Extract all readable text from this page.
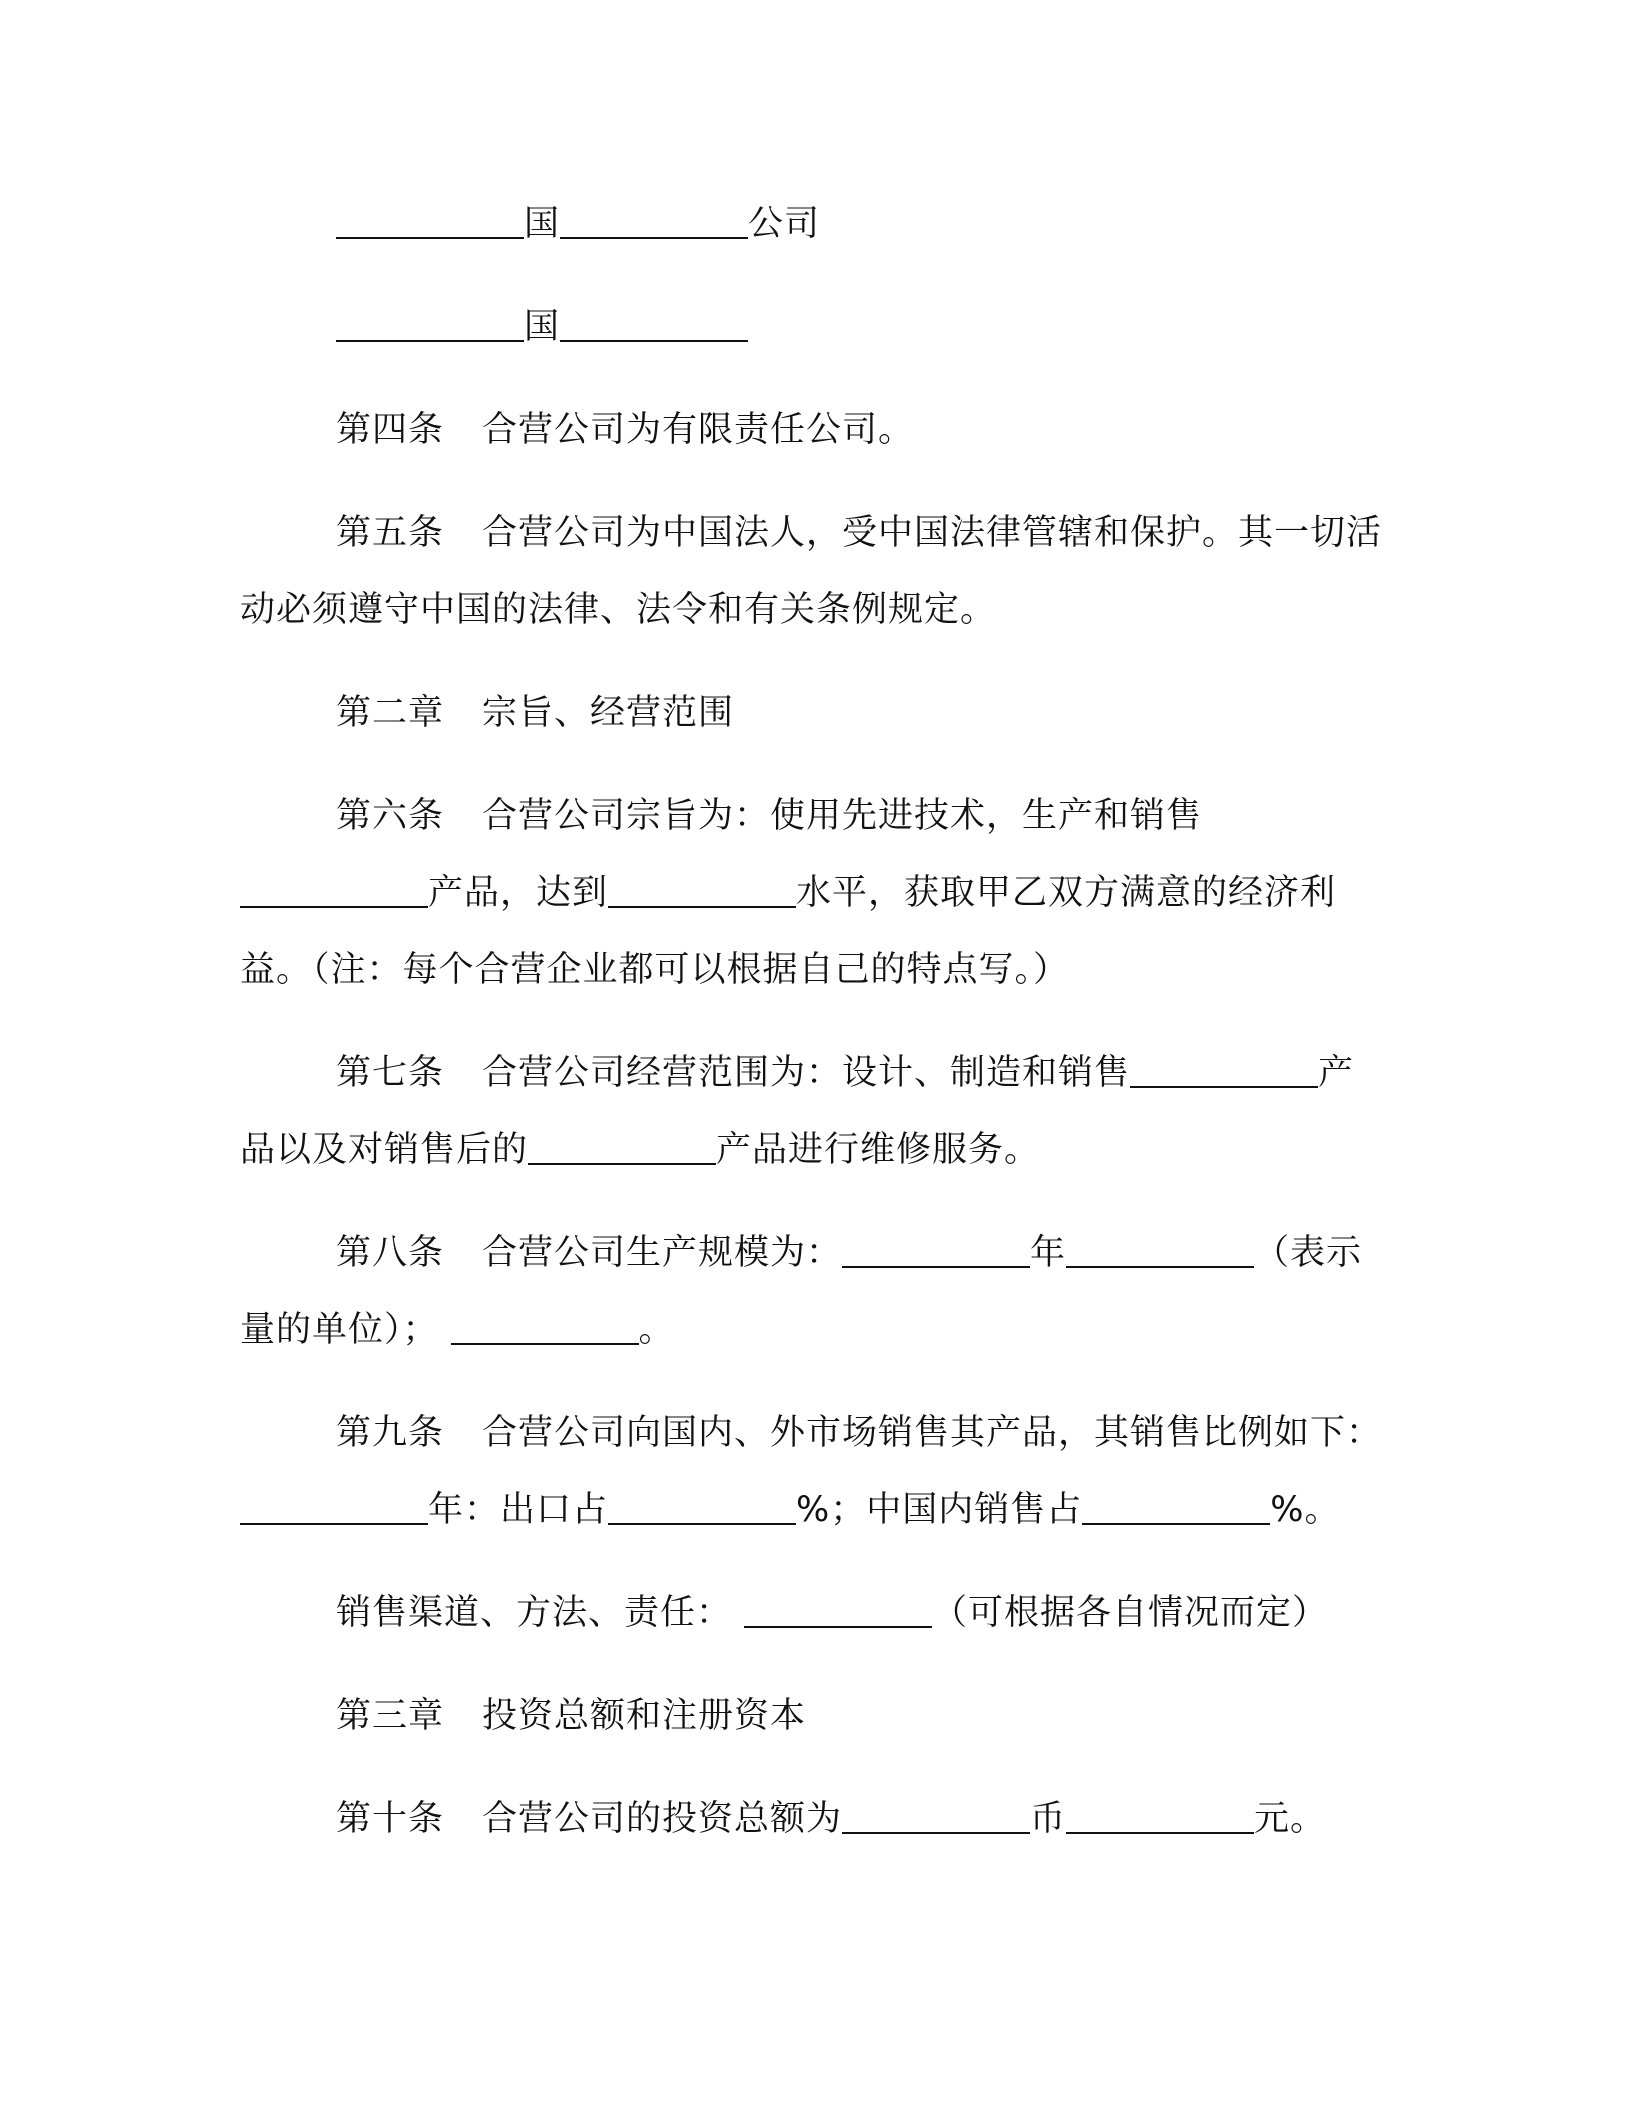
国	公司

国

第四条 合营公司为有限责任公司。

第五条 合营公司为中国法人，受中国法律管辖和保护。其一切活动必须遵守中国的法律、法令和有关条例规定。

第二章 宗旨、经营范围

第六条 合营公司宗旨为：使用先进技术，生产和销售产品，达到	水平，获取甲乙双方满意的经济利益。（注：每个合营企业都可以根据自己的特点写。）

第七条 合营公司经营范围为：设计、制造和销售	产品以及对销售后的	产品进行维修服务。

第八条 合营公司生产规模为：	年	（表示量的单位）；	。

第九条 合营公司向国内、外市场销售其产品，其销售比例如下：年：出口占	%；中国内销售占	%。

销售渠道、方法、责任：	（可根据各自情况而定）

第三章 投资总额和注册资本

第十条 合营公司的投资总额为	币	元。
